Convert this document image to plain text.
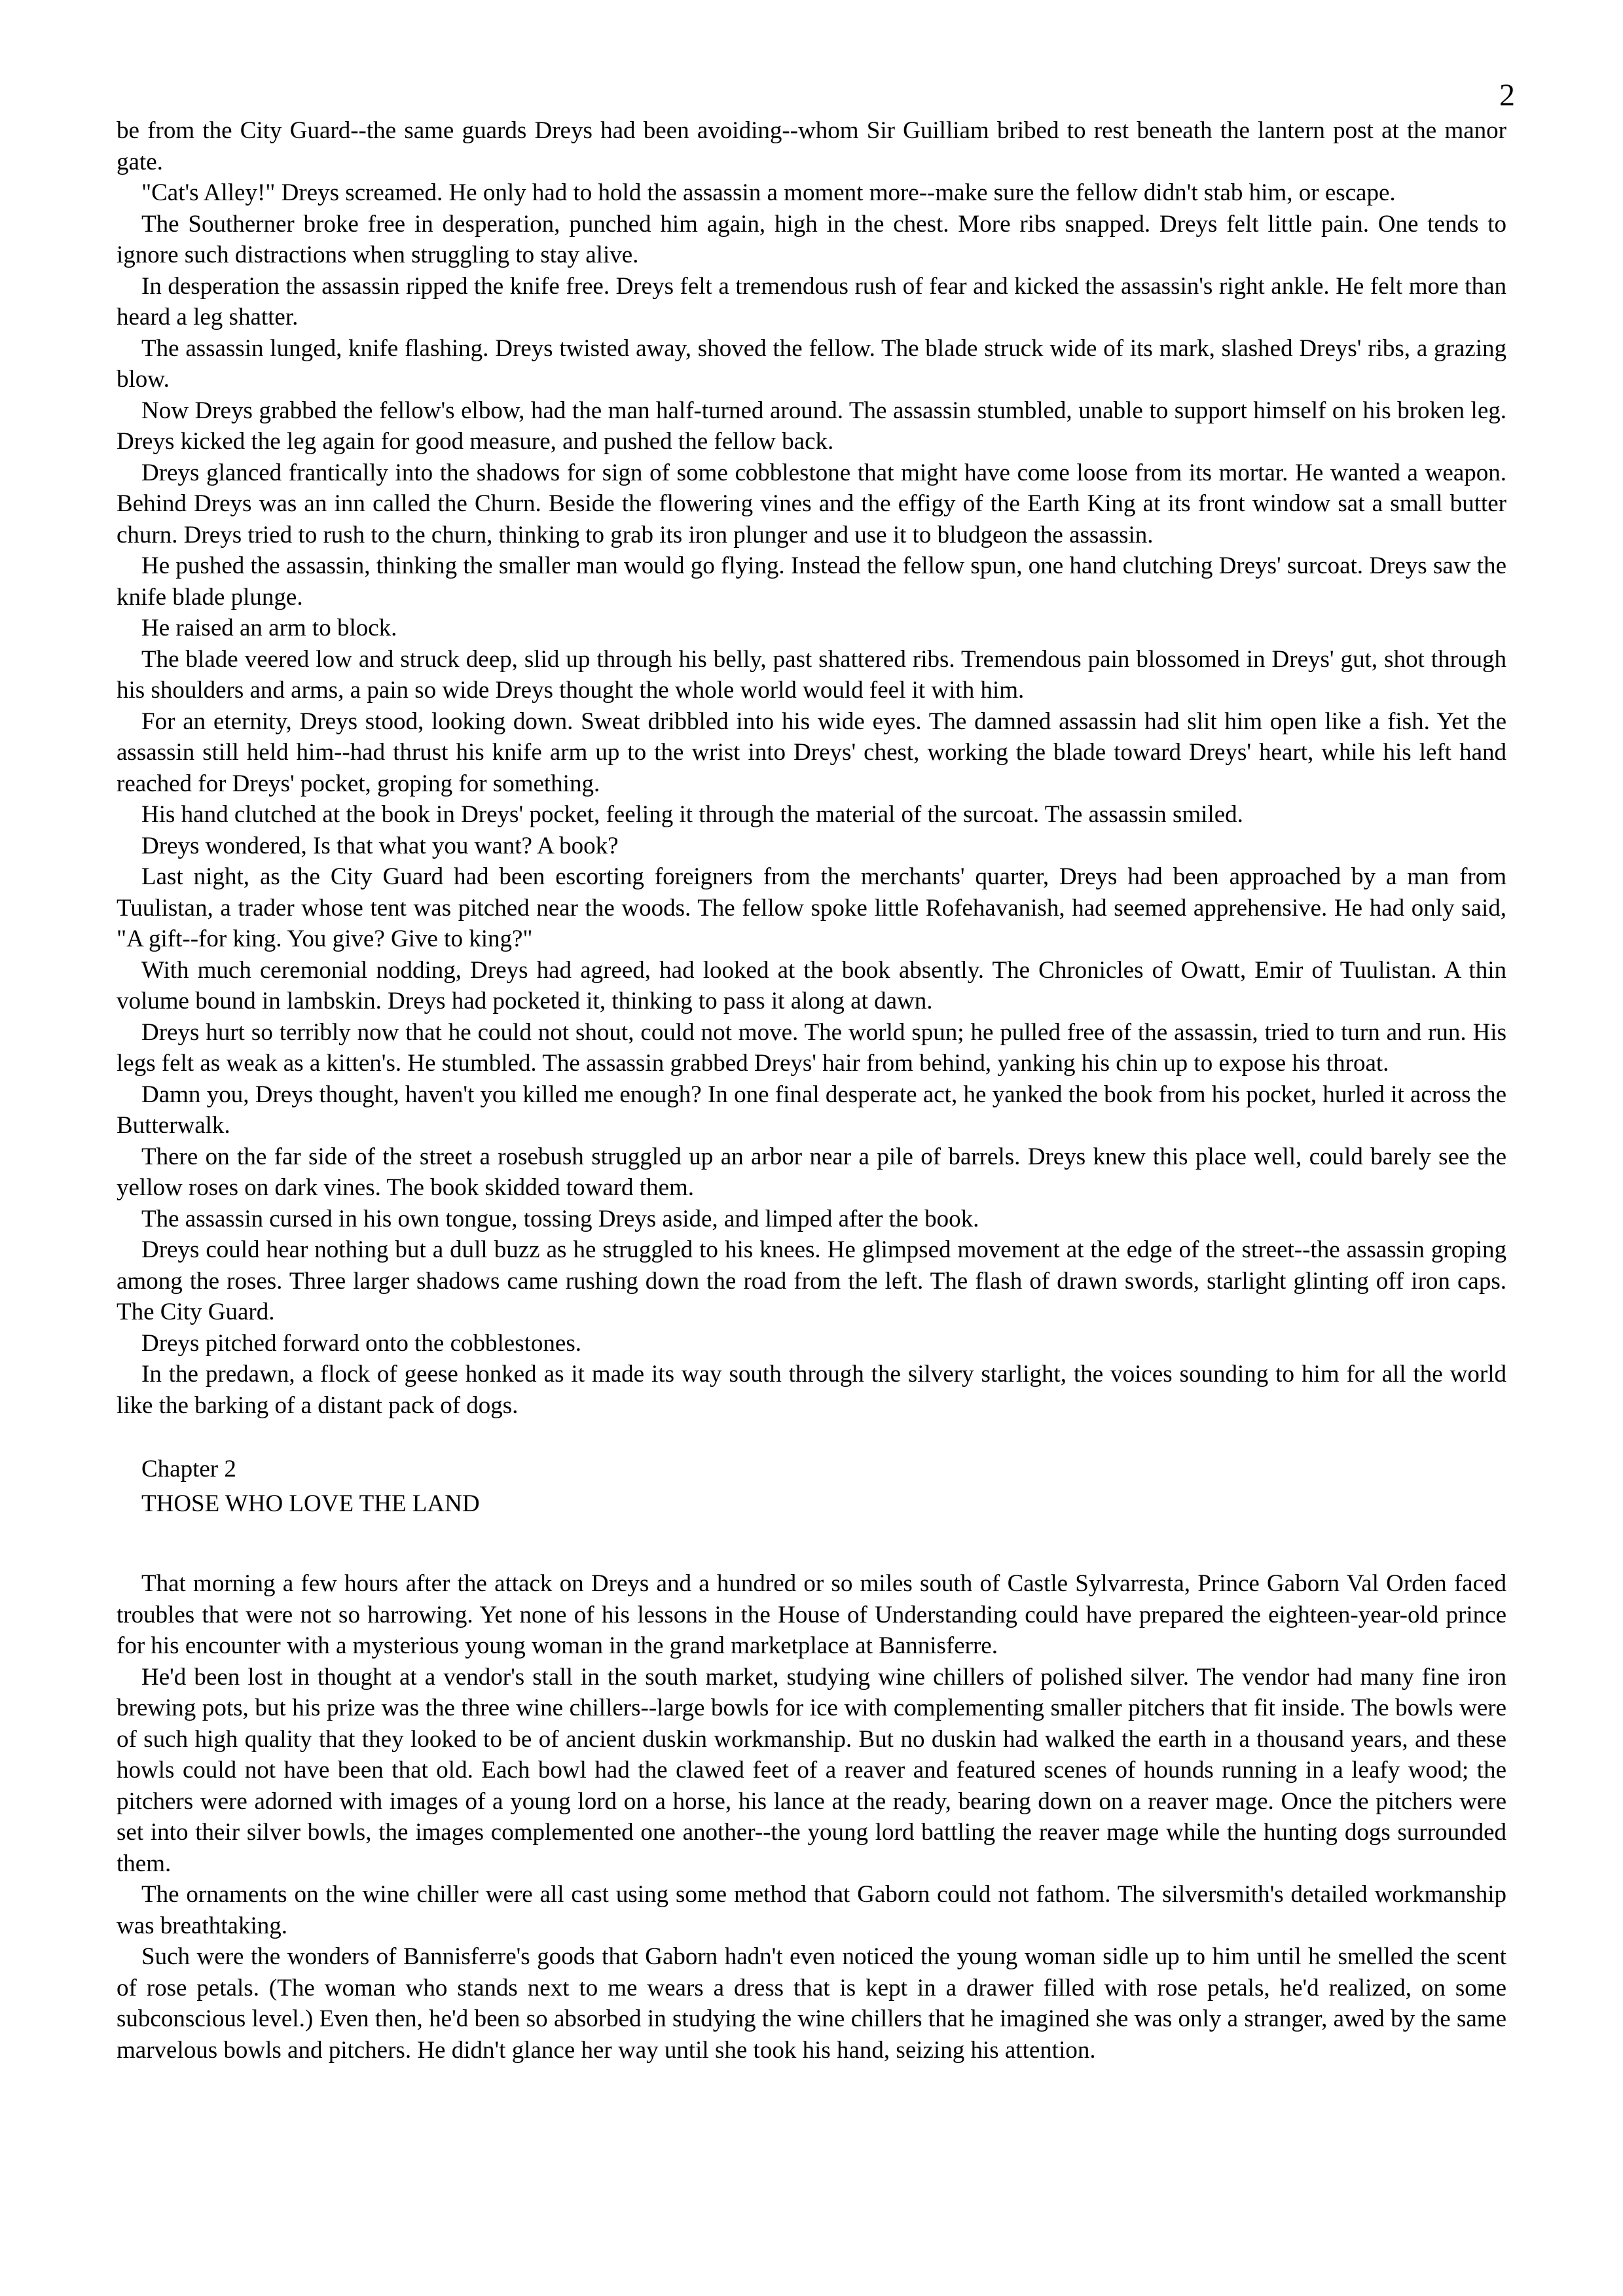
2

be from the City Guard--the same guards Dreys had been avoiding--whom Sir Guilliam bribed to rest beneath the lantern post at the manor gate.

"Cat's Alley!" Dreys screamed. He only had to hold the assassin a moment more--make sure the fellow didn't stab him, or escape.

The Southerner broke free in desperation, punched him again, high in the chest. More ribs snapped. Dreys felt little pain. One tends to ignore such distractions when struggling to stay alive.

In desperation the assassin ripped the knife free. Dreys felt a tremendous rush of fear and kicked the assassin's right ankle. He felt more than heard a leg shatter.

The assassin lunged, knife flashing. Dreys twisted away, shoved the fellow. The blade struck wide of its mark, slashed Dreys' ribs, a grazing blow.

Now Dreys grabbed the fellow's elbow, had the man half-turned around. The assassin stumbled, unable to support himself on his broken leg. Dreys kicked the leg again for good measure, and pushed the fellow back.

Dreys glanced frantically into the shadows for sign of some cobblestone that might have come loose from its mortar. He wanted a weapon. Behind Dreys was an inn called the Churn. Beside the flowering vines and the effigy of the Earth King at its front window sat a small butter churn. Dreys tried to rush to the churn, thinking to grab its iron plunger and use it to bludgeon the assassin.

He pushed the assassin, thinking the smaller man would go flying. Instead the fellow spun, one hand clutching Dreys' surcoat. Dreys saw the knife blade plunge.

He raised an arm to block.

The blade veered low and struck deep, slid up through his belly, past shattered ribs. Tremendous pain blossomed in Dreys' gut, shot through his shoulders and arms, a pain so wide Dreys thought the whole world would feel it with him.

For an eternity, Dreys stood, looking down. Sweat dribbled into his wide eyes. The damned assassin had slit him open like a fish. Yet the assassin still held him--had thrust his knife arm up to the wrist into Dreys' chest, working the blade toward Dreys' heart, while his left hand reached for Dreys' pocket, groping for something.

His hand clutched at the book in Dreys' pocket, feeling it through the material of the surcoat. The assassin smiled.

Dreys wondered, Is that what you want? A book?

Last night, as the City Guard had been escorting foreigners from the merchants' quarter, Dreys had been approached by a man from Tuulistan, a trader whose tent was pitched near the woods. The fellow spoke little Rofehavanish, had seemed apprehensive. He had only said, "A gift--for king. You give? Give to king?"

With much ceremonial nodding, Dreys had agreed, had looked at the book absently. The Chronicles of Owatt, Emir of Tuulistan. A thin volume bound in lambskin. Dreys had pocketed it, thinking to pass it along at dawn.

Dreys hurt so terribly now that he could not shout, could not move. The world spun; he pulled free of the assassin, tried to turn and run. His legs felt as weak as a kitten's. He stumbled. The assassin grabbed Dreys' hair from behind, yanking his chin up to expose his throat.

Damn you, Dreys thought, haven't you killed me enough? In one final desperate act, he yanked the book from his pocket, hurled it across the Butterwalk.

There on the far side of the street a rosebush struggled up an arbor near a pile of barrels. Dreys knew this place well, could barely see the yellow roses on dark vines. The book skidded toward them.

The assassin cursed in his own tongue, tossing Dreys aside, and limped after the book.

Dreys could hear nothing but a dull buzz as he struggled to his knees. He glimpsed movement at the edge of the street--the assassin groping among the roses. Three larger shadows came rushing down the road from the left. The flash of drawn swords, starlight glinting off iron caps. The City Guard.

Dreys pitched forward onto the cobblestones.

In the predawn, a flock of geese honked as it made its way south through the silvery starlight, the voices sounding to him for all the world like the barking of a distant pack of dogs.

Chapter 2
THOSE WHO LOVE THE LAND

That morning a few hours after the attack on Dreys and a hundred or so miles south of Castle Sylvarresta, Prince Gaborn Val Orden faced troubles that were not so harrowing. Yet none of his lessons in the House of Understanding could have prepared the eighteen-year-old prince for his encounter with a mysterious young woman in the grand marketplace at Bannisferre.

He'd been lost in thought at a vendor's stall in the south market, studying wine chillers of polished silver. The vendor had many fine iron brewing pots, but his prize was the three wine chillers--large bowls for ice with complementing smaller pitchers that fit inside. The bowls were of such high quality that they looked to be of ancient duskin workmanship. But no duskin had walked the earth in a thousand years, and these howls could not have been that old. Each bowl had the clawed feet of a reaver and featured scenes of hounds running in a leafy wood; the pitchers were adorned with images of a young lord on a horse, his lance at the ready, bearing down on a reaver mage. Once the pitchers were set into their silver bowls, the images complemented one another--the young lord battling the reaver mage while the hunting dogs surrounded them.

The ornaments on the wine chiller were all cast using some method that Gaborn could not fathom. The silversmith's detailed workmanship was breathtaking.

Such were the wonders of Bannisferre's goods that Gaborn hadn't even noticed the young woman sidle up to him until he smelled the scent of rose petals. (The woman who stands next to me wears a dress that is kept in a drawer filled with rose petals, he'd realized, on some subconscious level.) Even then, he'd been so absorbed in studying the wine chillers that he imagined she was only a stranger, awed by the same marvelous bowls and pitchers. He didn't glance her way until she took his hand, seizing his attention.
